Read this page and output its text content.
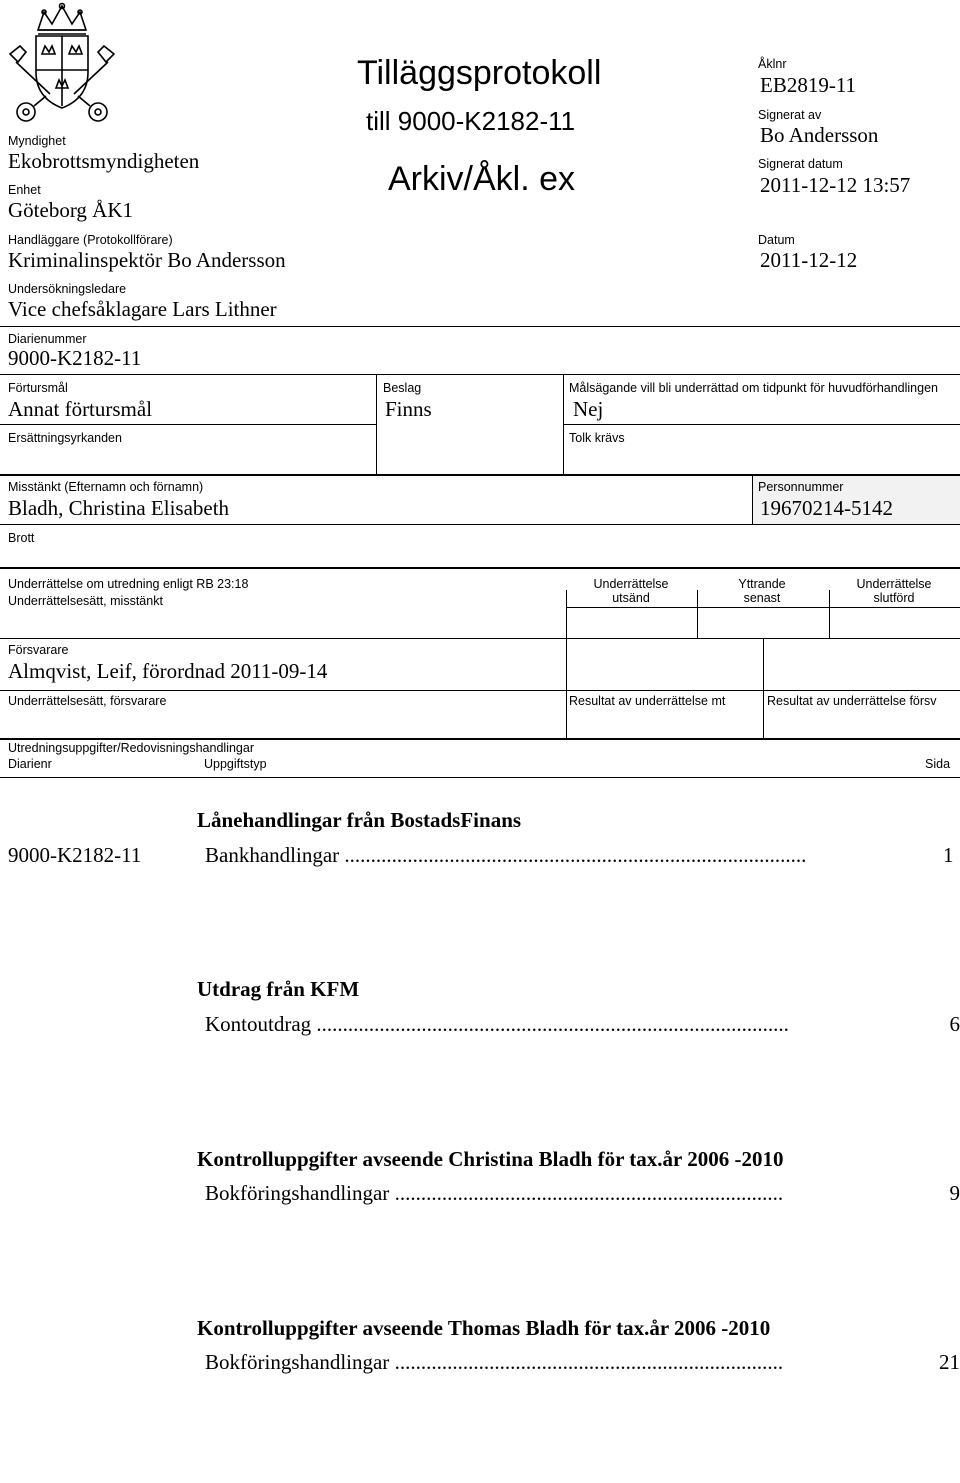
Myndighet
Ekobrottsmyndigheten
Enhet
Göteborg ÅK1
Handläggare (Protokollförare)
Kriminalinspektör Bo Andersson
Undersökningsledare
Vice chefsåklagare Lars Lithner
Diarienummer
9000-K2182-11
Tilläggsprotokoll
till 9000-K2182-11
Arkiv/Åkl. ex
Åklnr
EB2819-11
Signerat av
Bo Andersson
Signerat datum
2011-12-12 13:57
Datum
2011-12-12
Förtursmål
Annat förtursmål
Beslag
Finns
Målsägande vill bli underrättad om tidpunkt för huvudförhandlingen
Nej
Ersättningsyrkanden	Tolk krävs
Misstänkt (Efternamn och förnamn)
Bladh, Christina Elisabeth
Personnummer
19670214-5142
Brott
Underrättelse om utredning enligt RB 23:18
Underrättelsesätt, misstänkt
Underrättelse
utsänd
Yttrande
senast
Underrättelse
slutförd
Försvarare
Almqvist, Leif, förordnad 2011-09-14
Underrättelsesätt, försvarare	Resultat av underrättelse mt	Resultat av underrättelse försv
Utredningsuppgifter/Redovisningshandlingar
Diarienr	Uppgiftstyp	Sida
Lånehandlingar från BostadsFinans
9000-K2182-11	Bankhandlingar ........................................................................................	1
Utdrag från KFM
Kontoutdrag ..........................................................................................	6
Kontrolluppgifter avseende Christina Bladh för tax.år 2006 -2010
Bokföringshandlingar ..........................................................................	9
Kontrolluppgifter avseende Thomas Bladh för tax.år 2006 -2010
Bokföringshandlingar ..........................................................................	21
